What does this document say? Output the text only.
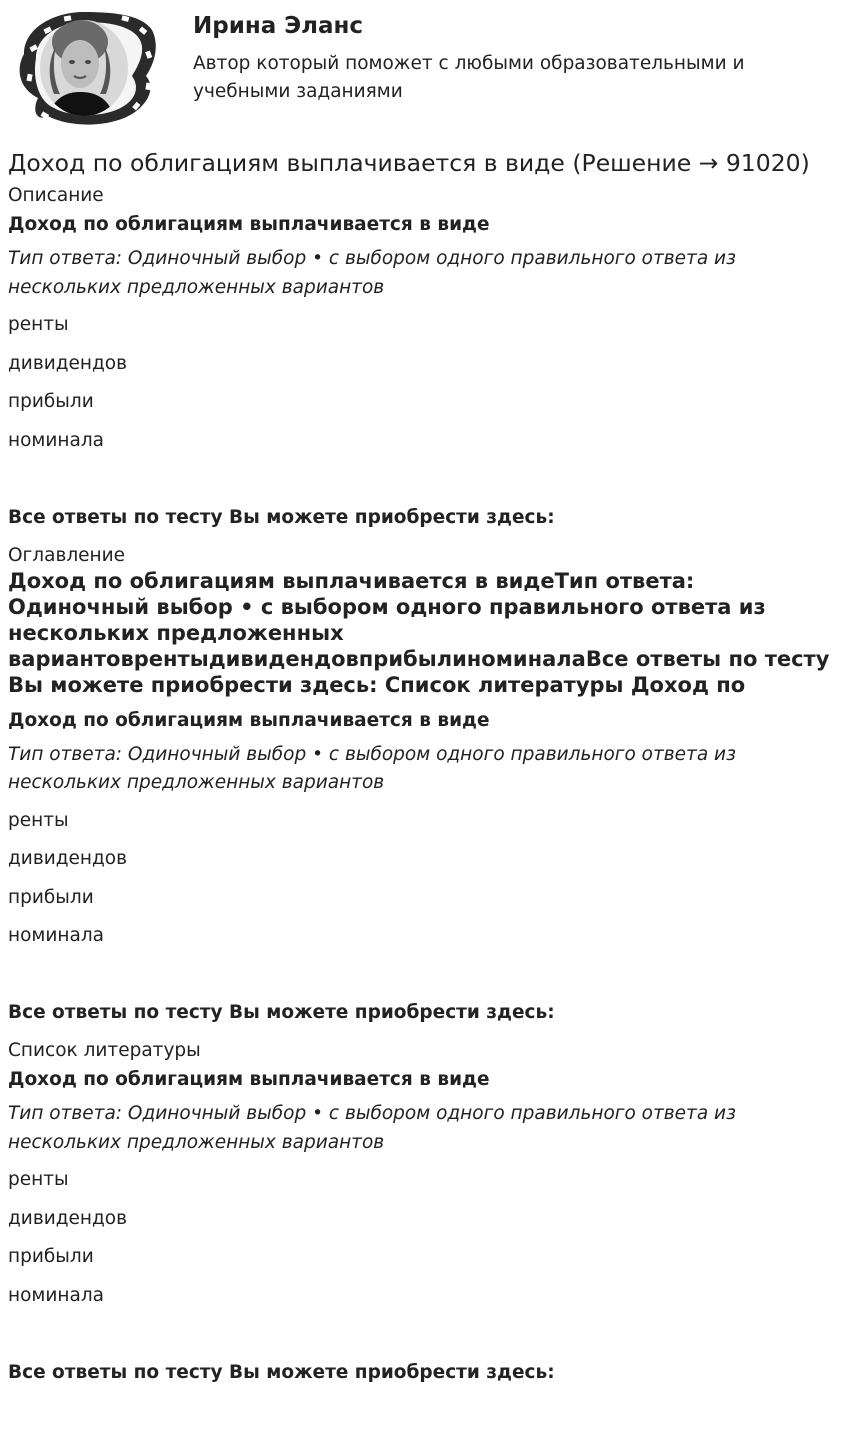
Ирина Эланс

Автор который поможет с любыми образовательными и учебными заданиями

Доход по облигациям выплачивается в виде (Решение → 91020)

Описание

Доход по облигациям выплачивается в виде

Тип ответа: Одиночный выбор • с выбором одного правильного ответа из нескольких предложенных вариантов

ренты

дивидендов

прибыли

номинала

Все ответы по тесту Вы можете приобрести здесь:

Оглавление

Доход по облигациям выплачивается в видеТип ответа: Одиночный выбор • с выбором одного правильного ответа из нескольких предложенных вариантоврентыдивидендовприбылиноминалаВсе ответы по тесту Вы можете приобрести здесь: Список литературы Доход по

Доход по облигациям выплачивается в виде

Тип ответа: Одиночный выбор • с выбором одного правильного ответа из нескольких предложенных вариантов

ренты

дивидендов

прибыли

номинала

Все ответы по тесту Вы можете приобрести здесь:

Список литературы

Доход по облигациям выплачивается в виде

Тип ответа: Одиночный выбор • с выбором одного правильного ответа из нескольких предложенных вариантов

ренты

дивидендов

прибыли

номинала

Все ответы по тесту Вы можете приобрести здесь:
